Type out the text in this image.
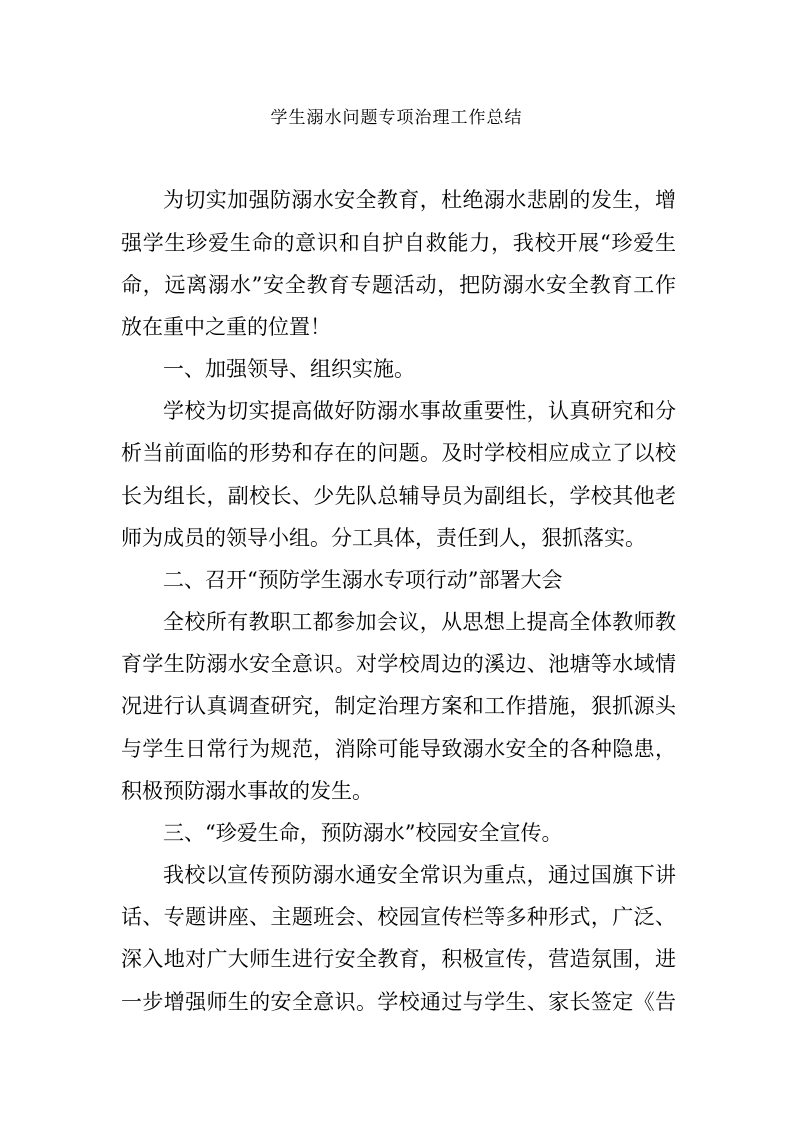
学生溺水问题专项治理工作总结

为切实加强防溺水安全教育，杜绝溺水悲剧的发生，增

强学生珍爱生命的意识和自护自救能力，我校开展“珍爱生

命，远离溺水”安全教育专题活动，把防溺水安全教育工作

放在重中之重的位置！

一、加强领导、组织实施。

学校为切实提高做好防溺水事故重要性，认真研究和分

析当前面临的形势和存在的问题。及时学校相应成立了以校

长为组长，副校长、少先队总辅导员为副组长，学校其他老

师为成员的领导小组。分工具体，责任到人，狠抓落实。

二、召开“预防学生溺水专项行动”部署大会

全校所有教职工都参加会议，从思想上提高全体教师教

育学生防溺水安全意识。对学校周边的溪边、池塘等水域情

况进行认真调查研究，制定治理方案和工作措施，狠抓源头

与学生日常行为规范，消除可能导致溺水安全的各种隐患，

积极预防溺水事故的发生。

三、“珍爱生命，预防溺水”校园安全宣传。

我校以宣传预防溺水通安全常识为重点，通过国旗下讲

话、专题讲座、主题班会、校园宣传栏等多种形式，广泛、

深入地对广大师生进行安全教育，积极宣传，营造氛围，进

一步增强师生的安全意识。学校通过与学生、家长签定《告
